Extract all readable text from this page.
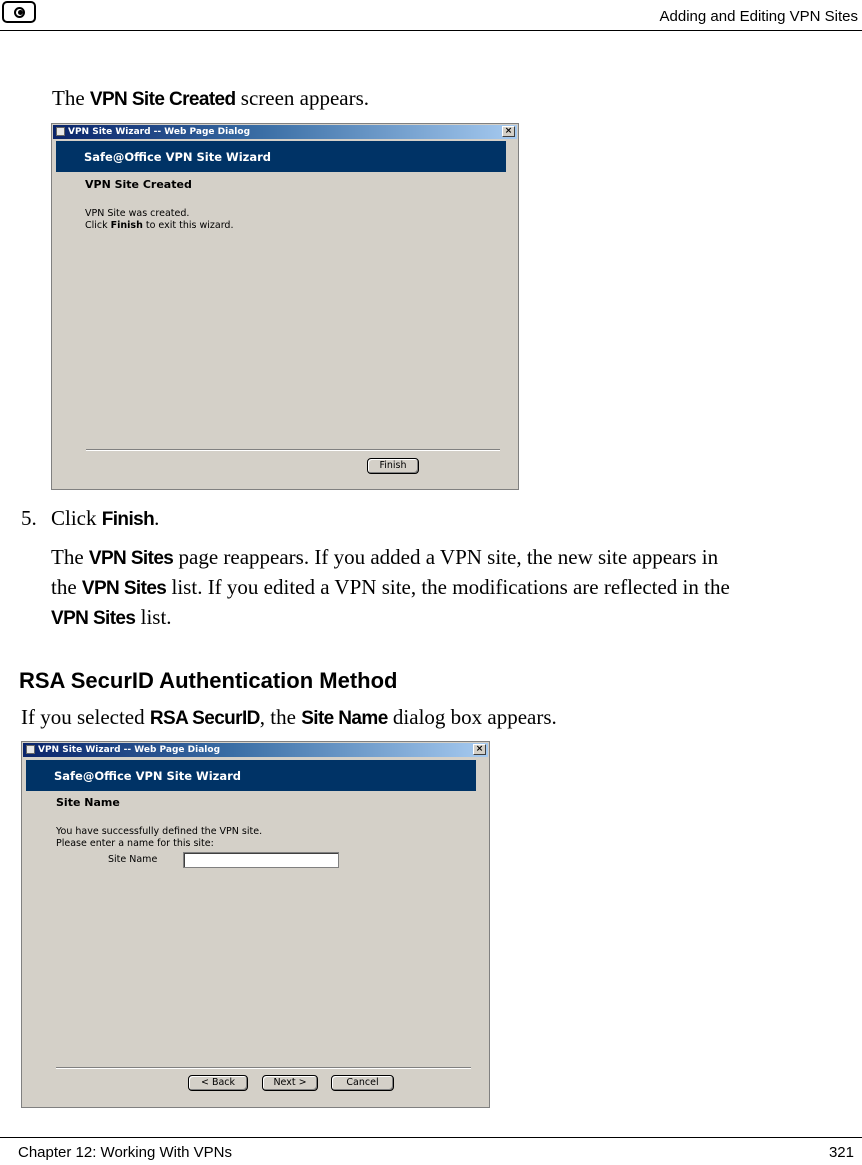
Adding and Editing VPN Sites
The VPN Site Created screen appears.
VPN Site Wizard -- Web Page Dialog	×
Safe@Office VPN Site Wizard
VPN Site Created
VPN Site was created.
Click Finish to exit this wizard.
Finish
5. Click Finish.
The VPN Sites page reappears. If you added a VPN site, the new site appears in
the VPN Sites list. If you edited a VPN site, the modifications are reflected in the
VPN Sites list.
RSA SecurID Authentication Method
If you selected RSA SecurID, the Site Name dialog box appears.
VPN Site Wizard -- Web Page Dialog	×
Safe@Office VPN Site Wizard
Site Name
You have successfully defined the VPN site.
Please enter a name for this site:
Site Name
< Back	Next >	Cancel
Chapter 12: Working With VPNs	321
